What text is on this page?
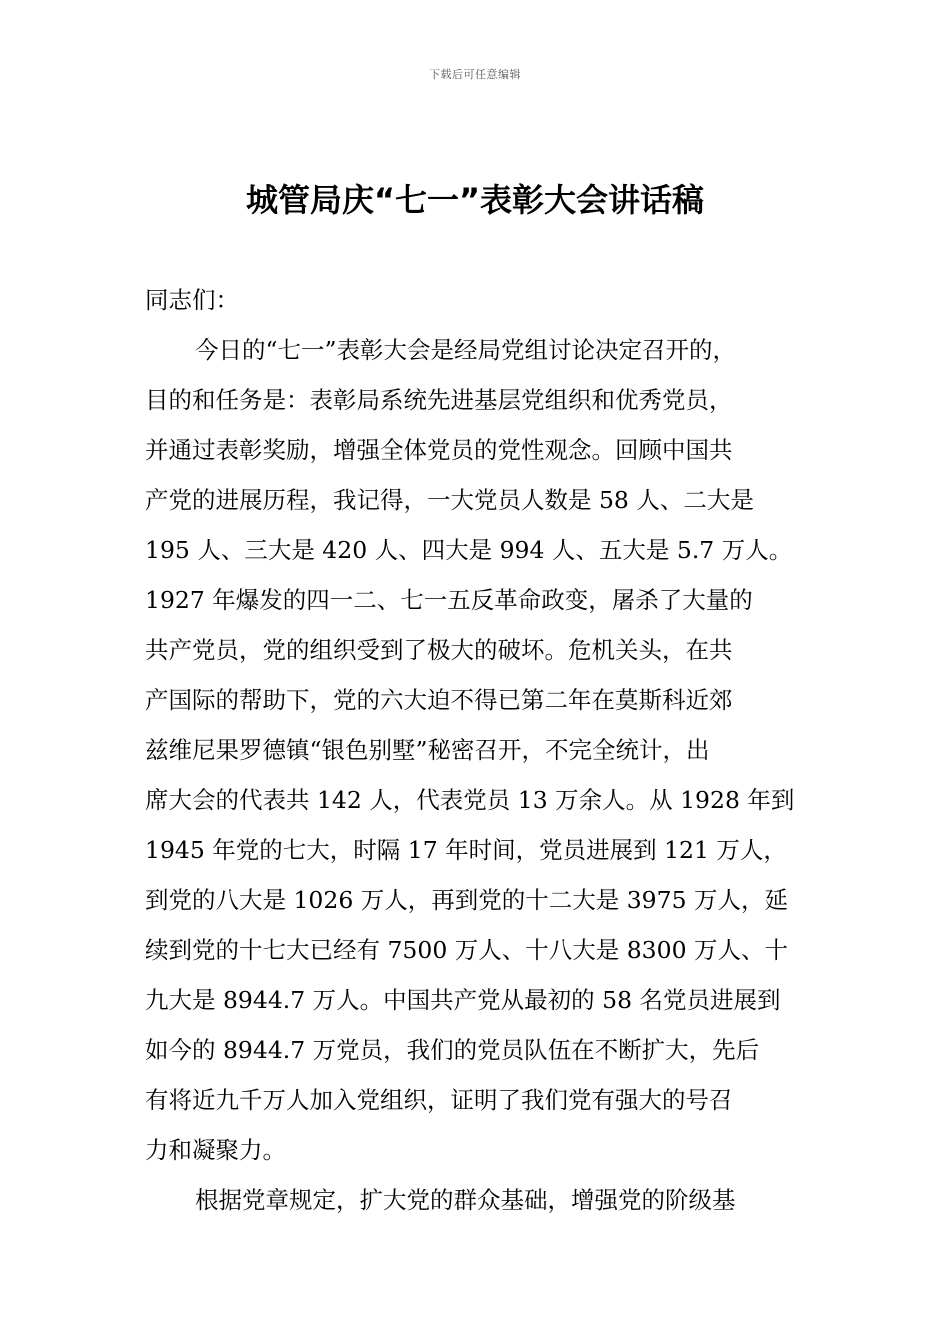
下载后可任意编辑
城管局庆“七一”表彰大会讲话稿

同志们：

今日的“七一”表彰大会是经局党组讨论决定召开的，
目的和任务是：表彰局系统先进基层党组织和优秀党员，
并通过表彰奖励，增强全体党员的党性观念。回顾中国共
产党的进展历程，我记得，一大党员人数是 58 人、二大是
195 人、三大是 420 人、四大是 994 人、五大是 5.7 万人。
1927 年爆发的四一二、七一五反革命政变，屠杀了大量的
共产党员，党的组织受到了极大的破坏。危机关头，在共
产国际的帮助下，党的六大迫不得已第二年在莫斯科近郊
兹维尼果罗德镇“银色别墅”秘密召开，不完全统计，出
席大会的代表共 142 人，代表党员 13 万余人。从 1928 年到
1945 年党的七大，时隔 17 年时间，党员进展到 121 万人，
到党的八大是 1026 万人，再到党的十二大是 3975 万人，延
续到党的十七大已经有 7500 万人、十八大是 8300 万人、十
九大是 8944.7 万人。中国共产党从最初的 58 名党员进展到
如今的 8944.7 万党员，我们的党员队伍在不断扩大，先后
有将近九千万人加入党组织，证明了我们党有强大的号召
力和凝聚力。

根据党章规定，扩大党的群众基础，增强党的阶级基
